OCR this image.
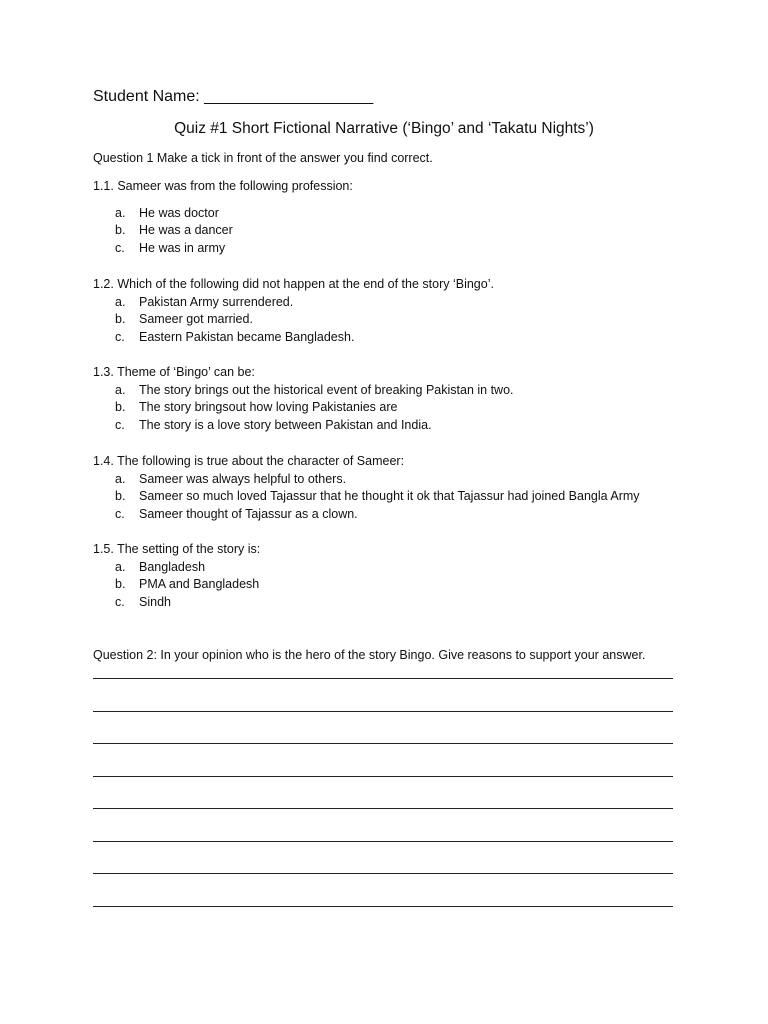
Student Name: ___________________
Quiz #1 Short Fictional Narrative (‘Bingo’ and ‘Takatu Nights’)
Question 1 Make a tick in front of the answer you find correct.

1.1. Sameer was from the following profession:

a.	He was doctor
b.	He was a dancer
c.	He was in army

1.2. Which of the following did not happen at the end of the story ‘Bingo’.

a.	Pakistan Army surrendered.
b.	Sameer got married.
c.	Eastern Pakistan became Bangladesh.

1.3. Theme of ‘Bingo’ can be:

a.	The story brings out the historical event of breaking Pakistan in two.
b.	The story bringsout how loving Pakistanies are
c.	The story is a love story between Pakistan and India.

1.4. The following is true about the character of Sameer:

a.	Sameer was always helpful to others.
b.	Sameer so much loved Tajassur that he thought it ok that Tajassur had joined Bangla Army
c.	Sameer thought of Tajassur as a clown.

1.5. The setting of the story is:

a.	Bangladesh
b.	PMA and Bangladesh
c.	Sindh
Question 2: In your opinion who is the hero of the story Bingo. Give reasons to support your answer.
